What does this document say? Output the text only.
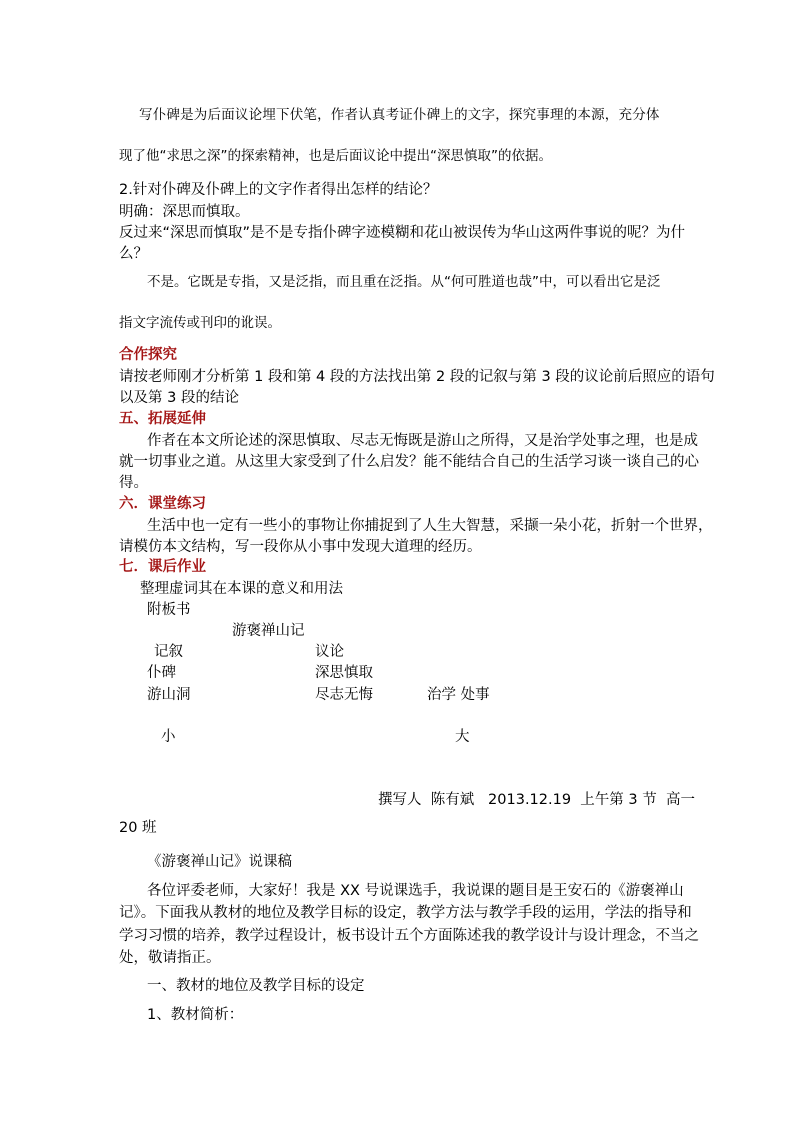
写仆碑是为后面议论埋下伏笔，作者认真考证仆碑上的文字，探究事理的本源，充分体
现了他“求思之深”的探索精神，也是后面议论中提出“深思慎取”的依据。
2.针对仆碑及仆碑上的文字作者得出怎样的结论？
明确：深思而慎取。
反过来“深思而慎取”是不是专指仆碑字迹模糊和花山被误传为华山这两件事说的呢？为什
么？
不是。它既是专指，又是泛指，而且重在泛指。从“何可胜道也哉”中，可以看出它是泛
指文字流传或刊印的讹误。
合作探究
请按老师刚才分析第 1 段和第 4 段的方法找出第 2 段的记叙与第 3 段的议论前后照应的语句
以及第 3 段的结论
五、拓展延伸
作者在本文所论述的深思慎取、尽志无悔既是游山之所得，又是治学处事之理，也是成
就一切事业之道。从这里大家受到了什么启发？能不能结合自己的生活学习谈一谈自己的心
得。
六．课堂练习
生活中也一定有一些小的事物让你捕捉到了人生大智慧，采撷一朵小花，折射一个世界，
请模仿本文结构，写一段你从小事中发现大道理的经历。
七．课后作业
整理虚词其在本课的意义和用法
附板书
游褒禅山记
记叙	议论
仆碑	深思慎取
游山洞	尽志无悔	治学 处事
小	大
撰写人  陈有斌   2013.12.19  上午第 3 节  高一
20 班
《游褒禅山记》说课稿
各位评委老师，大家好！我是 XX 号说课选手，我说课的题目是王安石的《游褒禅山
记》。下面我从教材的地位及教学目标的设定，教学方法与教学手段的运用，学法的指导和
学习习惯的培养，教学过程设计，板书设计五个方面陈述我的教学设计与设计理念，不当之
处，敬请指正。
一、教材的地位及教学目标的设定
1、教材简析：
